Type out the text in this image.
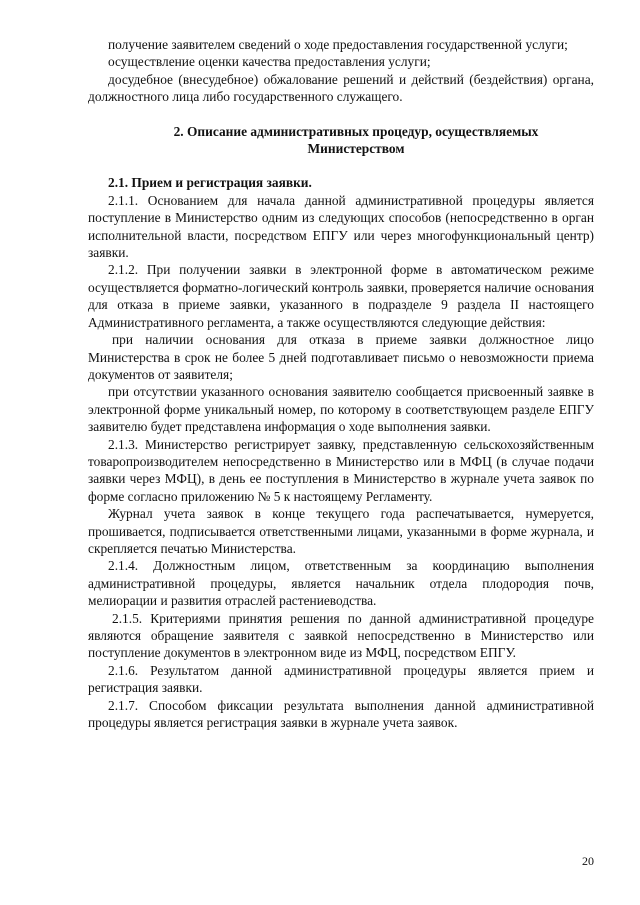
получение заявителем сведений о ходе предоставления государственной услуги;

осуществление оценки качества предоставления услуги;

досудебное (внесудебное) обжалование решений и действий (бездействия) органа, должностного лица либо государственного служащего.

2. Описание административных процедур, осуществляемых
Министерством

2.1. Прием и регистрация заявки.

2.1.1. Основанием для начала данной административной процедуры является поступление в Министерство одним из следующих способов (непосредственно в орган исполнительной власти, посредством ЕПГУ или через многофункциональный центр) заявки.

2.1.2. При получении заявки в электронной форме в автоматическом режиме осуществляется форматно-логический контроль заявки, проверяется наличие основания для отказа в приеме заявки, указанного в подразделе 9 раздела II настоящего Административного регламента, а также осуществляются следующие действия:

при наличии основания для отказа в приеме заявки должностное лицо Министерства в срок не более 5 дней подготавливает письмо о невозможности приема документов от заявителя;

при отсутствии указанного основания заявителю сообщается присвоенный заявке в электронной форме уникальный номер, по которому в соответствующем разделе ЕПГУ заявителю будет представлена информация о ходе выполнения заявки.

2.1.3. Министерство регистрирует заявку, представленную сельскохозяйственным товаропроизводителем непосредственно в Министерство или в МФЦ (в случае подачи заявки через МФЦ), в день ее поступления в Министерство в журнале учета заявок по форме согласно приложению № 5 к настоящему Регламенту.

Журнал учета заявок в конце текущего года распечатывается, нумеруется, прошивается, подписывается ответственными лицами, указанными в форме журнала, и скрепляется печатью Министерства.

2.1.4. Должностным лицом, ответственным за координацию выполнения административной процедуры, является начальник отдела плодородия почв, мелиорации и развития отраслей растениеводства.

2.1.5. Критериями принятия решения по данной административной процедуре являются обращение заявителя с заявкой непосредственно в Министерство или поступление документов в электронном виде из МФЦ, посредством ЕПГУ.

2.1.6. Результатом данной административной процедуры является прием и регистрация заявки.

2.1.7. Способом фиксации результата выполнения данной административной процедуры является регистрация заявки в журнале учета заявок.

20
